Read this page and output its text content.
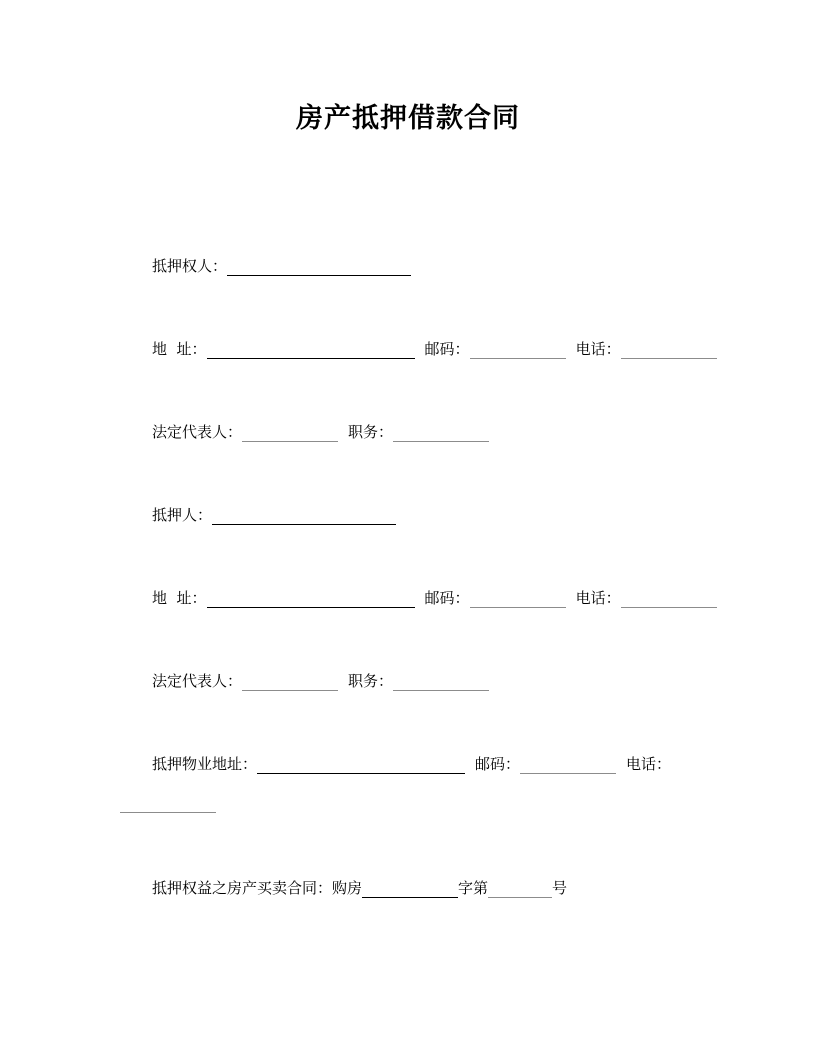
房产抵押借款合同
抵押权人：
地  址：	邮码：	电话：
法定代表人：	职务：
抵押人：
地  址：	邮码：	电话：
法定代表人：	职务：
抵押物业地址：	邮码：	电话：
抵押权益之房产买卖合同：购房	字第	号
